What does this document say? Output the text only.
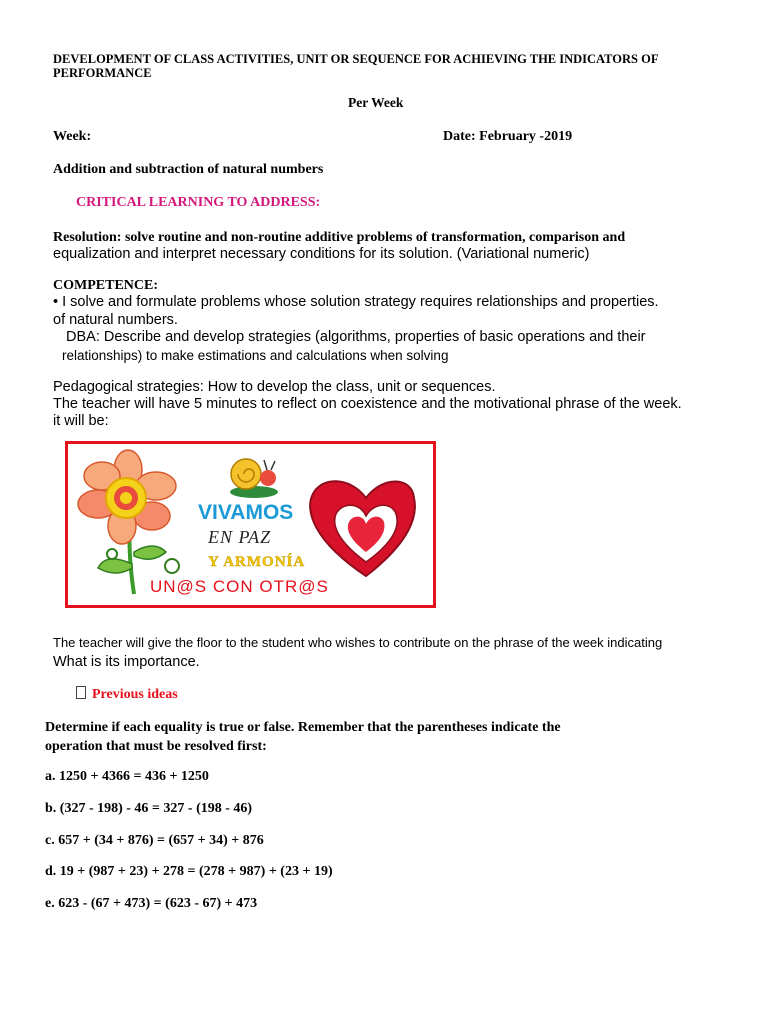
DEVELOPMENT OF CLASS ACTIVITIES, UNIT OR SEQUENCE FOR ACHIEVING THE INDICATORS OF PERFORMANCE
Per Week
Week:	Date: February -2019
Addition and subtraction of natural numbers
CRITICAL LEARNING TO ADDRESS:
Resolution: solve routine and non-routine additive problems of transformation, comparison and
equalization and interpret necessary conditions for its solution. (Variational numeric)
COMPETENCE:
• I solve and formulate problems whose solution strategy requires relationships and properties.
of natural numbers.
DBA: Describe and develop strategies (algorithms, properties of basic operations and their
relationships) to make estimations and calculations when solving
Pedagogical strategies: How to develop the class, unit or sequences.
The teacher will have 5 minutes to reflect on coexistence and the motivational phrase of the week.
it will be:
VIVAMOS
EN PAZ
Y ARMONÍA
UN@S CON OTR@S
The teacher will give the floor to the student who wishes to contribute on the phrase of the week indicating
What is its importance.
Previous ideas
Determine if each equality is true or false. Remember that the parentheses indicate the
operation that must be resolved first:
a. 1250 + 4366 = 436 + 1250
b. (327 - 198) - 46 = 327 - (198 - 46)
c. 657 + (34 + 876) = (657 + 34) + 876
d. 19 + (987 + 23) + 278 = (278 + 987) + (23 + 19)
e. 623 - (67 + 473) = (623 - 67) + 473
